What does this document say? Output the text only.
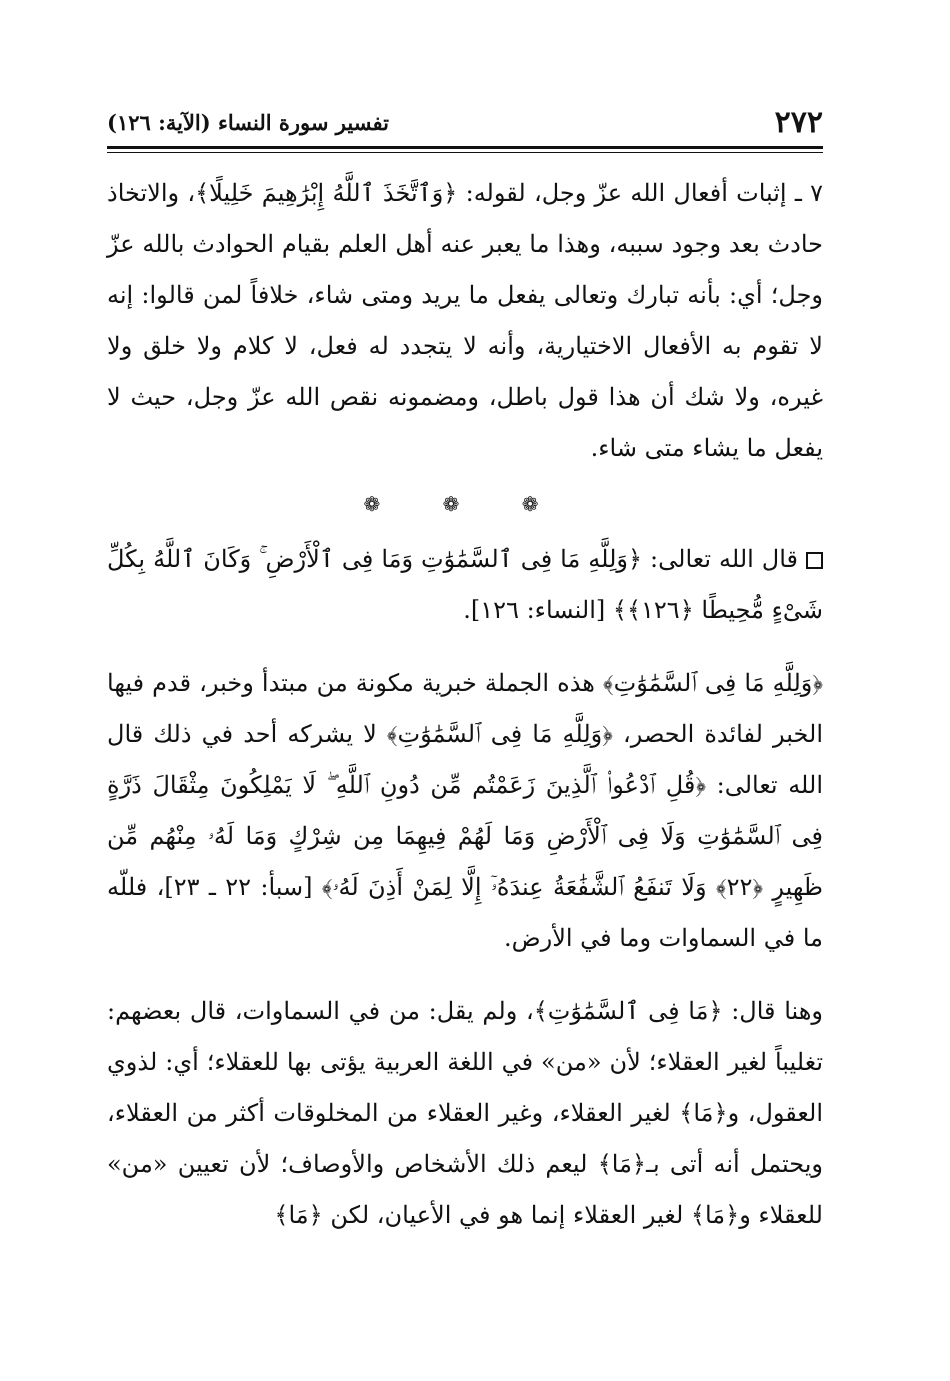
٢٧٢
تفسير سورة النساء (الآية: ١٢٦)

٧ ـ إثبات أفعال الله عزّ وجل، لقوله: ﴿وَٱتَّخَذَ ٱللَّهُ إِبْرَٰهِيمَ خَلِيلًا﴾، والاتخاذ حادث بعد وجود سببه، وهذا ما يعبر عنه أهل العلم بقيام الحوادث بالله عزّ وجل؛ أي: بأنه تبارك وتعالى يفعل ما يريد ومتى شاء، خلافاً لمن قالوا: إنه لا تقوم به الأفعال الاختيارية، وأنه لا يتجدد له فعل، لا كلام ولا خلق ولا غيره، ولا شك أن هذا قول باطل، ومضمونه نقص الله عزّ وجل، حيث لا يفعل ما يشاء متى شاء.

❁ ❁ ❁

قال الله تعالى: ﴿وَلِلَّهِ مَا فِى ٱلسَّمَٰوَٰتِ وَمَا فِى ٱلْأَرْضِ ۚ وَكَانَ ٱللَّهُ بِكُلِّ شَىْءٍ مُّحِيطًا ﴿١٢٦﴾﴾ [النساء: ١٢٦].

﴿وَلِلَّهِ مَا فِى ٱلسَّمَٰوَٰتِ﴾ هذه الجملة خبرية مكونة من مبتدأ وخبر، قدم فيها الخبر لفائدة الحصر، ﴿وَلِلَّهِ مَا فِى ٱلسَّمَٰوَٰتِ﴾ لا يشركه أحد في ذلك قال الله تعالى: ﴿قُلِ ٱدْعُوا۟ ٱلَّذِينَ زَعَمْتُم مِّن دُونِ ٱللَّهِ ۖ لَا يَمْلِكُونَ مِثْقَالَ ذَرَّةٍ فِى ٱلسَّمَٰوَٰتِ وَلَا فِى ٱلْأَرْضِ وَمَا لَهُمْ فِيهِمَا مِن شِرْكٍ وَمَا لَهُۥ مِنْهُم مِّن ظَهِيرٍ ﴿٢٢﴾ وَلَا تَنفَعُ ٱلشَّفَٰعَةُ عِندَهُۥٓ إِلَّا لِمَنْ أَذِنَ لَهُۥ﴾ [سبأ: ٢٢ ـ ٢٣]، فللّه ما في السماوات وما في الأرض.

وهنا قال: ﴿مَا فِى ٱلسَّمَٰوَٰتِ﴾، ولم يقل: من في السماوات، قال بعضهم: تغليباً لغير العقلاء؛ لأن «من» في اللغة العربية يؤتى بها للعقلاء؛ أي: لذوي العقول، و﴿مَا﴾ لغير العقلاء، وغير العقلاء من المخلوقات أكثر من العقلاء، ويحتمل أنه أتى بـ﴿مَا﴾ ليعم ذلك الأشخاص والأوصاف؛ لأن تعيين «من» للعقلاء و﴿مَا﴾ لغير العقلاء إنما هو في الأعيان، لكن ﴿مَا﴾
